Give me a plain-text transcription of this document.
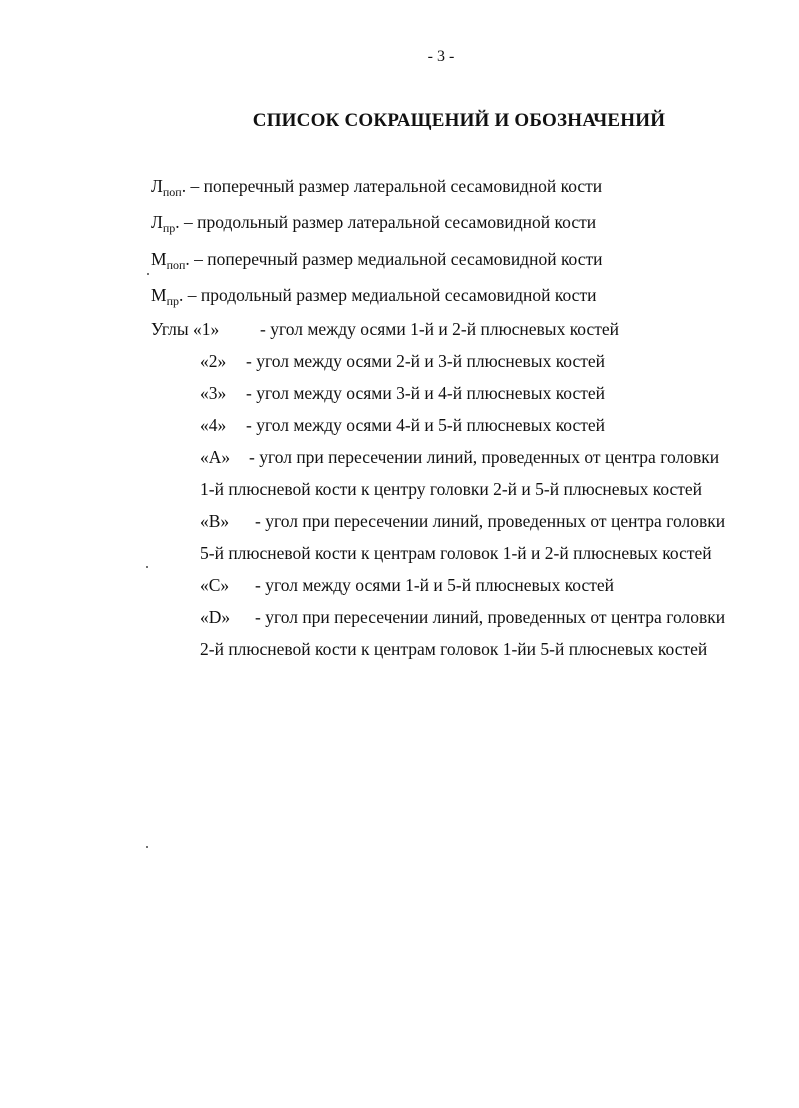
- 3 -
СПИСОК СОКРАЩЕНИЙ И ОБОЗНАЧЕНИЙ
$Л_{поп}$. – поперечный размер латеральной сесамовидной кости
$Л_{пр}$. – продольный размер латеральной сесамовидной кости
$М_{поп}$. – поперечный размер медиальной сесамовидной кости
$М_{пр}$. – продольный размер медиальной сесамовидной кости
Углы «1» - угол между осями 1-й и 2-й плюсневых костей
«2» - угол между осями 2-й и 3-й плюсневых костей
«3» - угол между осями 3-й и 4-й плюсневых костей
«4» - угол между осями 4-й и 5-й плюсневых костей
«А» - угол при пересечении линий, проведенных от центра головки
1-й плюсневой кости к центру головки 2-й и 5-й плюсневых костей
«В» - угол при пересечении линий, проведенных от центра головки
5-й плюсневой кости к центрам головок 1-й и 2-й плюсневых костей
«С» - угол между осями 1-й и 5-й плюсневых костей
«D» - угол при пересечении линий, проведенных от центра головки
2-й плюсневой кости к центрам головок 1-йи 5-й плюсневых костей
